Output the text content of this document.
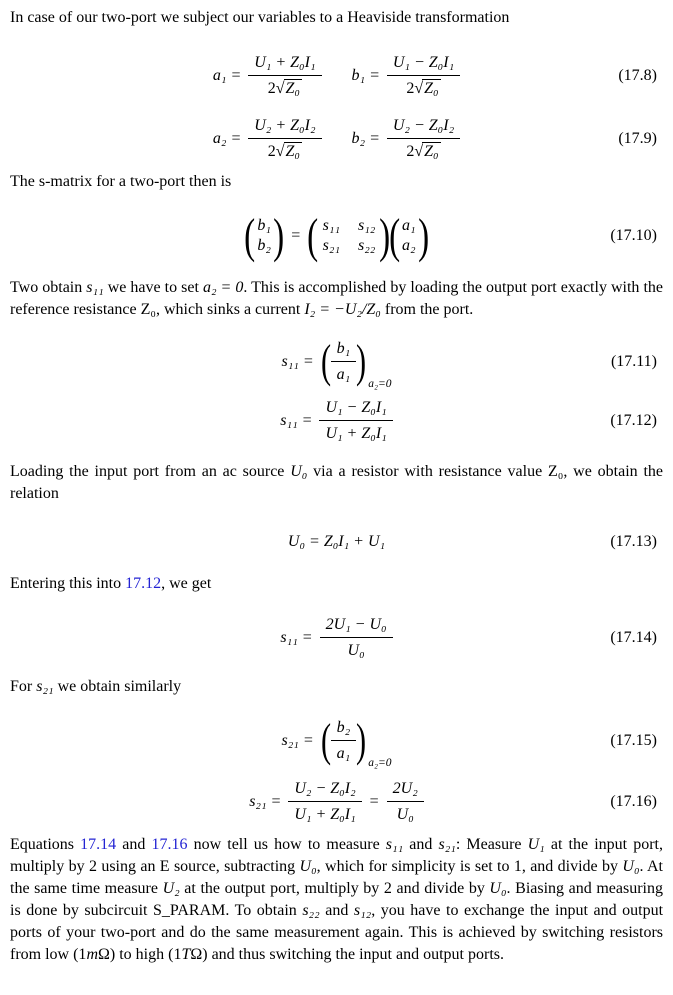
In case of our two-port we subject our variables to a Heaviside transformation

$a_1 = \frac{\text{U₁ + Z₀I₁}}{\text{2 √ Z₀}} b_1 = \frac{\text{U₁ − Z₀I₁}}{\text{2 √ Z₀}}$	(17.8)
$a_2 = \frac{\text{U₂ + Z₀I₂}}{\text{2 √ Z₀}} b_2 = \frac{\text{U₂ − Z₀I₂}}{\text{2 √ Z₀}}$	(17.9)

The s-matrix for a two-port then is

( b₁
b₂ ) = ( s₁₁ s₁₂
s₂₁ s₂₂ )
( a₁
a₂ )	(17.10)

Two obtain s₁₁ we have to set a₂ = 0. This is accomplished by loading the output port exactly with the reference resistance Z₀, which sinks a current I₂ = −U₂/Z₀ from the port.

s₁₁ = ( $\frac{\text{b₁}}{\text{a₁}}$ ) a₂=0
(17.11)
$s_{11} = \frac{\text{U₁ − Z₀I₁}}{\text{U₁ + Z₀I₁}}$	(17.12)

Loading the input port from an ac source U₀ via a resistor with resistance value Z₀, we obtain the relation

U₀ = Z₀I₁ + U₁	(17.13)

Entering this into 17.12, we get

$s_{11} = \frac{\text{2U₁ − U₀}}{\text{U₀}}$	(17.14)

For s₂₁ we obtain similarly

s₂₁ = ( $\frac{\text{b₂}}{\text{a₁}}$ ) a₂=0
(17.15)
$s_{21} = \frac{\text{U₂ − Z₀I₂}}{\text{U₁ + Z₀I₁}} = \frac{\text{2U₂}}{\text{U₀}}$	(17.16)

Equations 17.14 and 17.16 now tell us how to measure s₁₁ and s₂₁: Measure U₁ at the input port, multiply by 2 using an E source, subtracting U₀, which for simplicity is set to 1, and divide by U₀. At the same time measure U₂ at the output port, multiply by 2 and divide by U₀. Biasing and measuring is done by subcircuit S_PARAM. To obtain s₂₂ and s₁₂, you have to exchange the input and output ports of your two-port and do the same measurement again. This is achieved by switching resistors from low (1mΩ) to high (1TΩ) and thus switching the input and output ports.
